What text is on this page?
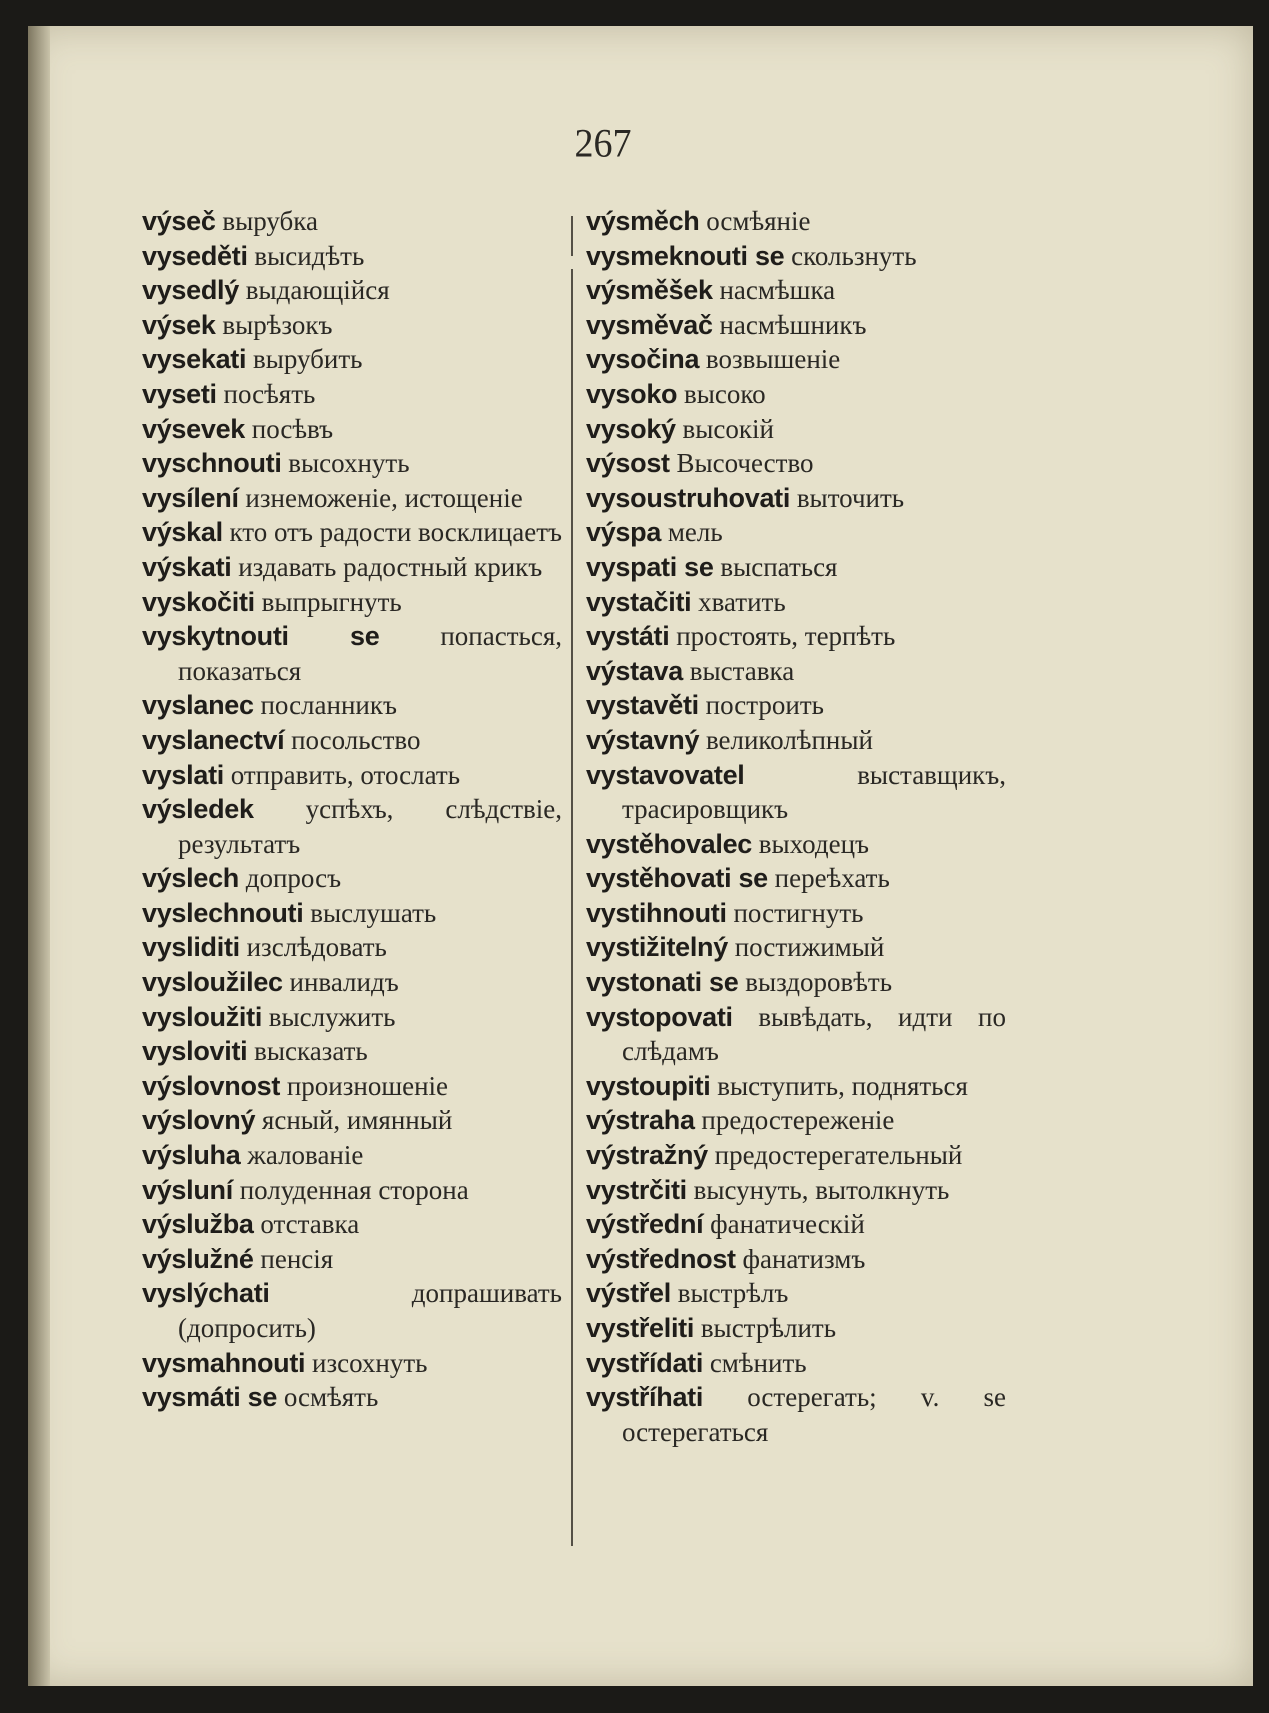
267

výseč вырубка

vyseděti высидѣть

vysedlý выдающійся

výsek вырѣзокъ

vysekati вырубить

vyseti посѣять

výsevek посѣвъ

vyschnouti высохнуть

vysílení изнеможеніе, истощеніе

výskal кто отъ радости восклицаетъ

výskati издавать радостный крикъ

vyskočiti выпрыгнуть

vyskytnouti se попасться, показаться

vyslanec посланникъ

vyslanectví посольство

vyslati отправить, отослать

výsledek успѣхъ, слѣдствіе, результатъ

výslech допросъ

vyslechnouti выслушать

vysliditi изслѣдовать

vysloužilec инвалидъ

vysloužiti выслужить

vysloviti высказать

výslovnost произношеніе

výslovný ясный, имянный

výsluha жалованіе

výsluní полуденная сторона

výslužba отставка

výslužné пенсія

vyslýchati	допрашивать (допросить)

vysmahnouti изсохнуть

vysmáti se осмѣять

výsměch осмѣяніе

vysmeknouti se скользнуть

výsměšek насмѣшка

vysměvač насмѣшникъ

vysočina возвышеніе

vysoko высоко

vysoký высокій

výsost Высочество

vysoustruhovati выточить

výspa мель

vyspati se выспаться

vystačiti хватить

vystáti простоять, терпѣть

výstava выставка

vystavěti построить

výstavný великолѣпный

vystavovatel	выставщикъ, трасировщикъ

vystěhovalec выходецъ

vystěhovati se переѣхать

vystihnouti постигнуть

vystižitelný постижимый

vystonati se выздоровѣть

vystopovati вывѣдать, идти по слѣдамъ

vystoupiti выступить, подняться

výstraha предостереженіе

výstražný предостерегательный

vystrčiti высунуть, вытолкнуть

výstřední фанатическій

výstřednost фанатизмъ

výstřel выстрѣлъ

vystřeliti выстрѣлить

vystřídati смѣнить

vystříhati остерегать; v. se остерегаться
